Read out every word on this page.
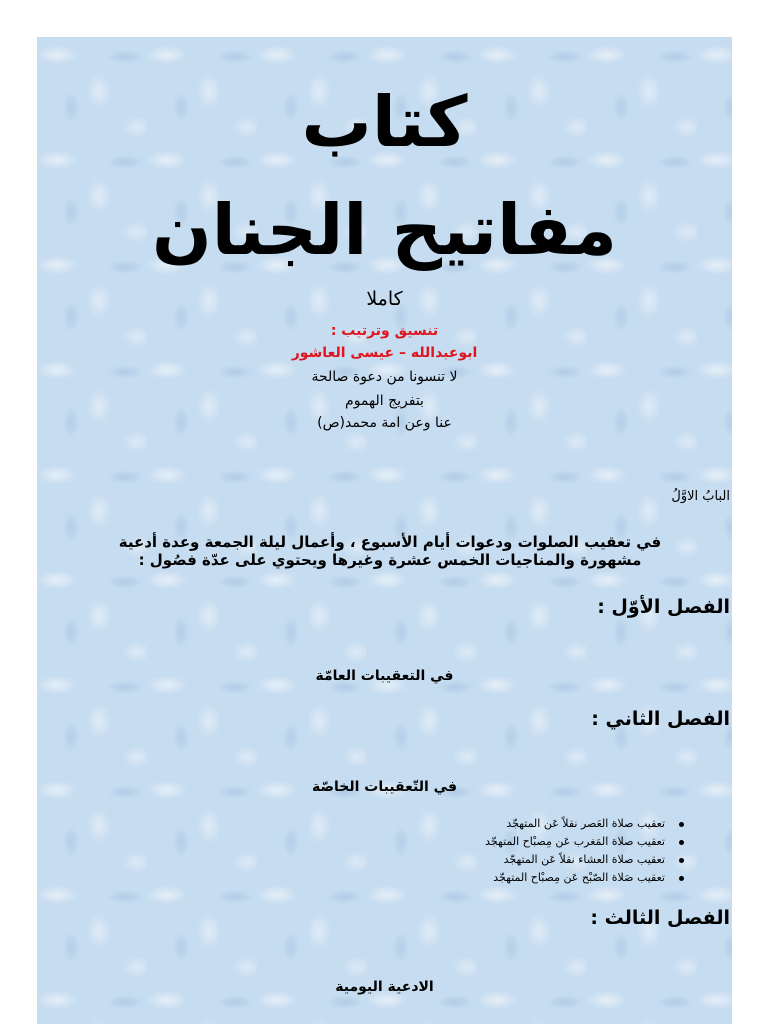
كتاب
مفاتيح الجنان
كاملا
تنسيق وترتيب :
ابوعبدالله – عيسى العاشور
لا تنسونا من دعوة صالحة
بتفريج الهموم
عنا وعن امة محمد(ص)
البابُ الاوَّلُ
في تعقيب الصلوات ودعوات أيام الأسبوع ، وأعمال ليلة الجمعة وعدة أدعية
مشهورة والمناجيات الخمس عشرة وغيرها ويحتوي على عدّة فصُول :
الفصل الأوّل :
في التعقيبات العامّة
الفصل الثاني :
في التّعقيبات الخاصّة
تعقيب صلاة العَصر نقلاً عَن المتهجّد
تعقيب صلاة المَغرب عَن مِصبْاح المتهجّد
تعقيب صلاة العشاء نقلاً عَن المتهجّد
تعقيب صَلاة الصّبْح عَن مِصبْاح المتهجّد
الفصل الثالث :
الادعية اليومية
